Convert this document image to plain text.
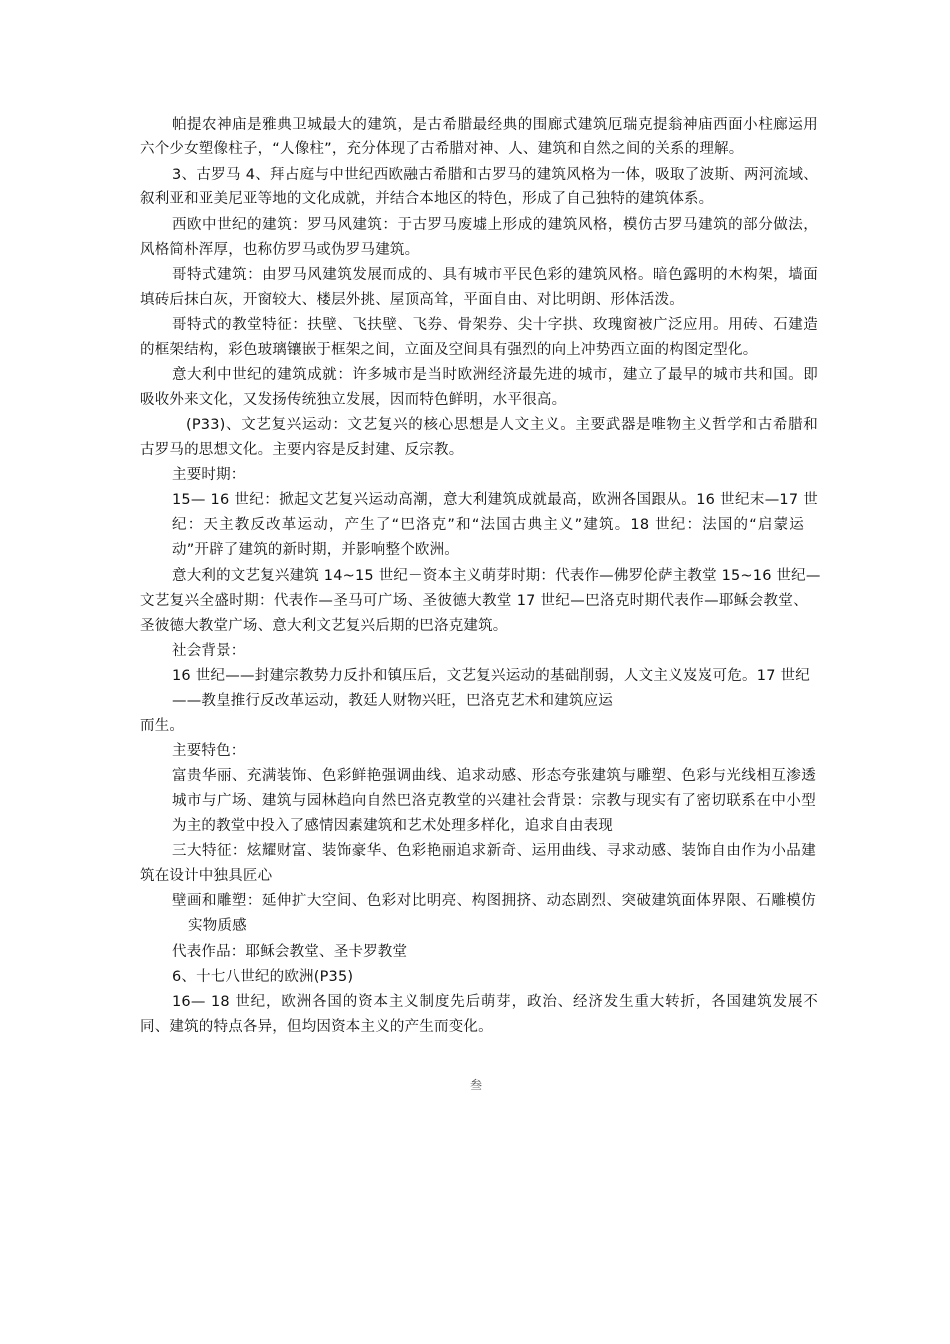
帕提农神庙是雅典卫城最大的建筑，是古希腊最经典的围廊式建筑厄瑞克提翁神庙西面小柱廊运用
六个少女塑像柱子，“人像柱”，充分体现了古希腊对神、人、建筑和自然之间的关系的理解。
3、古罗马 4、拜占庭与中世纪西欧融古希腊和古罗马的建筑风格为一体，吸取了波斯、两河流域、
叙利亚和亚美尼亚等地的文化成就，并结合本地区的特色，形成了自己独特的建筑体系。
西欧中世纪的建筑：罗马风建筑：于古罗马废墟上形成的建筑风格，模仿古罗马建筑的部分做法，
风格简朴浑厚，也称仿罗马或伪罗马建筑。
哥特式建筑：由罗马风建筑发展而成的、具有城市平民色彩的建筑风格。暗色露明的木构架，墙面
填砖后抹白灰，开窗较大、楼层外挑、屋顶高耸，平面自由、对比明朗、形体活泼。
哥特式的教堂特征：扶壁、飞扶壁、飞券、骨架券、尖十字拱、玫瑰窗被广泛应用。用砖、石建造
的框架结构，彩色玻璃镶嵌于框架之间，立面及空间具有强烈的向上冲势西立面的构图定型化。
意大利中世纪的建筑成就：许多城市是当时欧洲经济最先进的城市，建立了最早的城市共和国。即
吸收外来文化，又发扬传统独立发展，因而特色鲜明，水平很高。
(P33)、文艺复兴运动：文艺复兴的核心思想是人文主义。主要武器是唯物主义哲学和古希腊和
古罗马的思想文化。主要内容是反封建、反宗教。
主要时期：
15— 16 世纪：掀起文艺复兴运动高潮，意大利建筑成就最高，欧洲各国跟从。16 世纪末—17 世
纪：天主教反改革运动，产生了“巴洛克”和“法国古典主义”建筑。18 世纪：法国的“启蒙运
动”开辟了建筑的新时期，并影响整个欧洲。
意大利的文艺复兴建筑 14~15 世纪－资本主义萌芽时期：代表作—佛罗伦萨主教堂 15~16 世纪—
文艺复兴全盛时期：代表作—圣马可广场、圣彼德大教堂 17 世纪—巴洛克时期代表作—耶稣会教堂、
圣彼德大教堂广场、意大利文艺复兴后期的巴洛克建筑。
社会背景：
16 世纪——封建宗教势力反扑和镇压后，文艺复兴运动的基础削弱，人文主义岌岌可危。17 世纪
——教皇推行反改革运动，教廷人财物兴旺，巴洛克艺术和建筑应运
而生。
主要特色：
富贵华丽、充满装饰、色彩鲜艳强调曲线、追求动感、形态夸张建筑与雕塑、色彩与光线相互渗透
城市与广场、建筑与园林趋向自然巴洛克教堂的兴建社会背景：宗教与现实有了密切联系在中小型
为主的教堂中投入了感情因素建筑和艺术处理多样化，追求自由表现
三大特征：炫耀财富、装饰豪华、色彩艳丽追求新奇、运用曲线、寻求动感、装饰自由作为小品建
筑在设计中独具匠心
壁画和雕塑：延伸扩大空间、色彩对比明亮、构图拥挤、动态剧烈、突破建筑面体界限、石雕模仿
实物质感
代表作品：耶稣会教堂、圣卡罗教堂
6、十七八世纪的欧洲(P35)
16— 18 世纪，欧洲各国的资本主义制度先后萌芽，政治、经济发生重大转折，各国建筑发展不
同、建筑的特点各异，但均因资本主义的产生而变化。
叁
